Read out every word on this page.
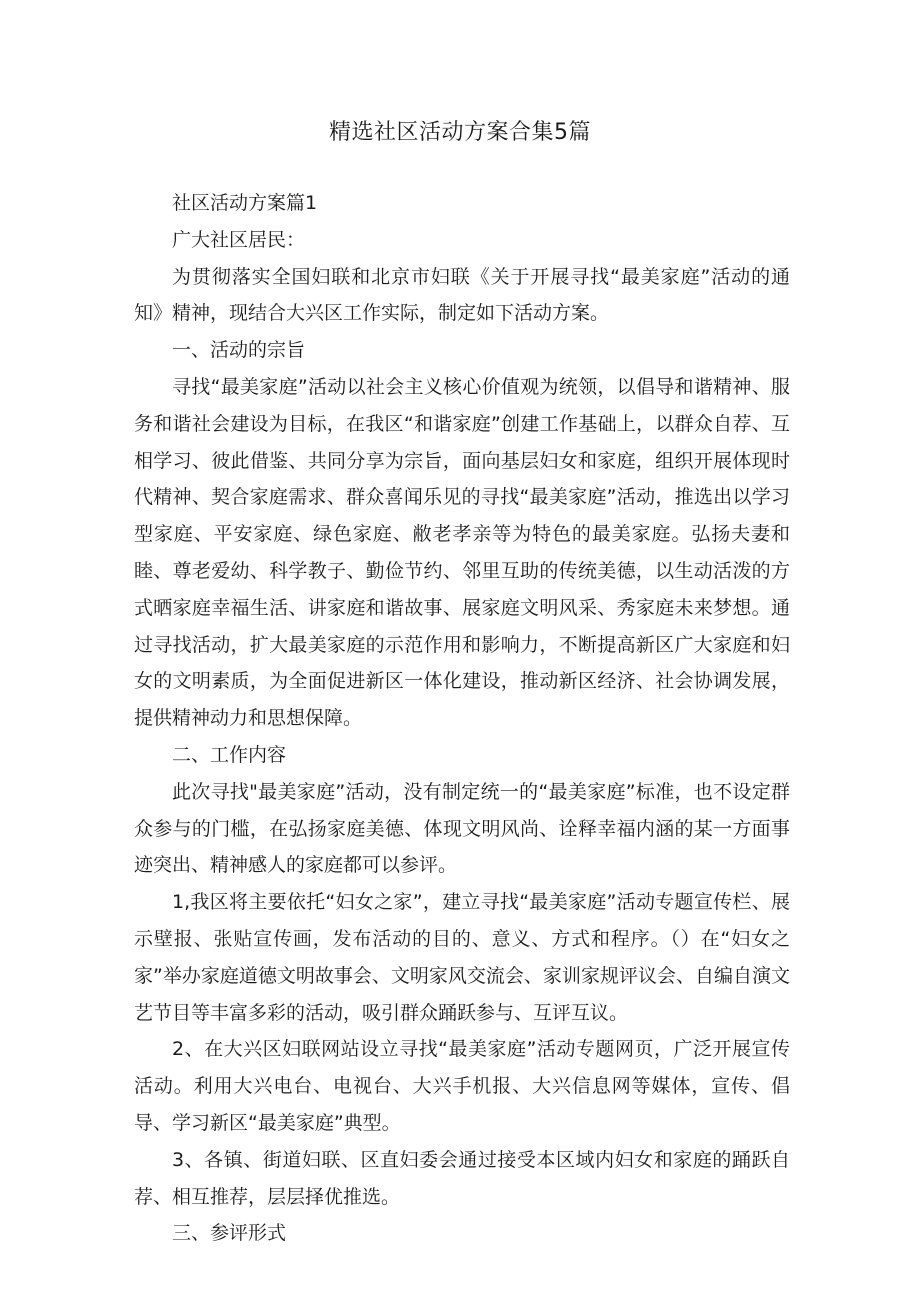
精选社区活动方案合集5篇

社区活动方案篇1

广大社区居民：

为贯彻落实全国妇联和北京市妇联《关于开展寻找“最美家庭”活动的通知》精神，现结合大兴区工作实际，制定如下活动方案。

一、活动的宗旨

寻找“最美家庭”活动以社会主义核心价值观为统领，以倡导和谐精神、服务和谐社会建设为目标，在我区“和谐家庭”创建工作基础上，以群众自荐、互相学习、彼此借鉴、共同分享为宗旨，面向基层妇女和家庭，组织开展体现时代精神、契合家庭需求、群众喜闻乐见的寻找“最美家庭”活动，推选出以学习型家庭、平安家庭、绿色家庭、敝老孝亲等为特色的最美家庭。弘扬夫妻和睦、尊老爱幼、科学教子、勤俭节约、邻里互助的传统美德，以生动活泼的方式晒家庭幸福生活、讲家庭和谐故事、展家庭文明风采、秀家庭未来梦想。通过寻找活动，扩大最美家庭的示范作用和影响力，不断提高新区广大家庭和妇女的文明素质，为全面促进新区一体化建设，推动新区经济、社会协调发展，提供精神动力和思想保障。

二、工作内容

此次寻找"最美家庭”活动，没有制定统一的“最美家庭”标准，也不设定群众参与的门槛，在弘扬家庭美德、体现文明风尚、诠释幸福内涵的某一方面事迹突出、精神感人的家庭都可以参评。

1,我区将主要依托“妇女之家”，建立寻找“最美家庭”活动专题宣传栏、展示壁报、张贴宣传画，发布活动的目的、意义、方式和程序。（）在“妇女之家”举办家庭道德文明故事会、文明家风交流会、家训家规评议会、自编自演文艺节目等丰富多彩的活动，吸引群众踊跃参与、互评互议。

2、在大兴区妇联网站设立寻找“最美家庭”活动专题网页，广泛开展宣传活动。利用大兴电台、电视台、大兴手机报、大兴信息网等媒体，宣传、倡导、学习新区“最美家庭”典型。

3、各镇、街道妇联、区直妇委会通过接受本区域内妇女和家庭的踊跃自荐、相互推荐，层层择优推选。

三、参评形式
